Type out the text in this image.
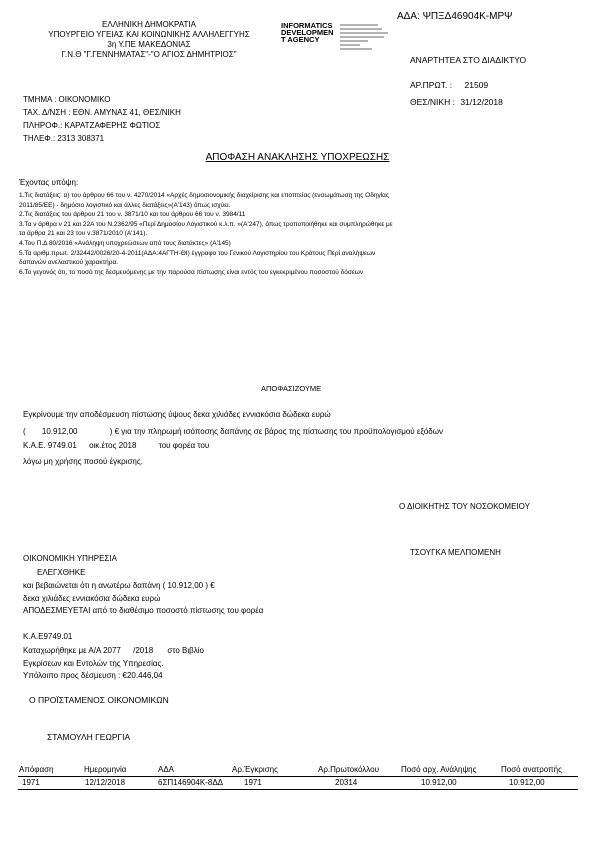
ΑΔΑ: ΨΠΞΔ46904Κ-ΜΡΨ
ΕΛΛΗΝΙΚΗ ΔΗΜΟΚΡΑΤΙΑ
ΥΠΟΥΡΓΕΙΟ ΥΓΕΙΑΣ ΚΑΙ ΚΟΙΝΩΝΙΚΗΣ ΑΛΛΗΛΕΓΓΥΗΣ
3η Υ.ΠΕ ΜΑΚΕΔΟΝΙΑΣ
Γ.Ν.Θ "Γ.ΓΕΝΝΗΜΑΤΑΣ"-"Ο ΑΓΙΟΣ ΔΗΜΗΤΡΙΟΣ"
INFORMATICS
DEVELOPMEN
T AGENCY
ΑΝΑΡΤΗΤΕΑ ΣΤΟ ΔΙΑΔΙΚΤΥΟ
ΑΡ.ΠΡΩΤ. : 21509
ΘΕΣ/ΝΙΚΗ : 31/12/2018
ΤΜΗΜΑ : ΟΙΚΟΝΟΜΙΚΟ
ΤΑΧ. Δ/ΝΣΗ : ΕΘΝ. ΑΜΥΝΑΣ 41, ΘΕΣ/ΝΙΚΗ
ΠΛΗΡΟΦ.: ΚΑΡΑΤΖΑΦΕΡΗΣ ΦΩΤΙΟΣ
ΤΗΛΕΦ.: 2313 308371
ΑΠΟΦΑΣΗ ΑΝΑΚΛΗΣΗΣ ΥΠΟΧΡΕΩΣΗΣ
Έχοντας υπόψη:
1.Τις διατάξεις: α) του άρθρου 66 του ν. 4270/2014 «Αρχές δημοσιονομικής διαχείρισης και εποπτείας (ενσωμάτωση της Οδηγίας
2011/85/ΕΕ) - δημόσιο λογιστικό και άλλες διατάξεις»(Α'143) όπως ισχύει.
2.Τις διατάξεις του άρθρου 21 του ν. 3871/10 και του άρθρου 66 του ν. 3984/11
3.Τα ν άρθρα ν 21 και 22Α του Ν.2362/95 «Περί Δημοσίου Λογιστικού κ.λ.π. »(Α'247), όπως τροποποιήθηκε και συμπληρώθηκε με
τα άρθρα 21 και 23 του ν.3871/2010 (Α'141).
4.Του Π.Δ 80/2016 «Ανάληψη υποχρεώσεων από τους διατάκτες» (Α'145)
5.Τα αριθμ.πρωτ. 2/32442/0026/20-4-2011(ΑΔΑ:4ΑΓΤΗ-ΘΙ) έγγραφο του Γενικού Λογιστηρίου του Κράτους Περί αναλήψεων
δαπανών ανελαστικού χαρακτήρα.
6.Το γεγονός ότι, το ποσό της δεσμευόμενης με την παρούσα πίστωσης είναι εντός του εγκεκριμένου ποσοστού δόσεων
ΑΠΟΦΑΣΙΖΟΥΜΕ
Εγκρίνουμε την αποδέσμευση πίστωσης ύψους δεκα χιλιάδες εννιακόσια δώδεκα ευρώ
( 10.912,00	) € για την πληρωμή ισόποσης δαπάνης σε βάρος της πίστωσης του προϋπολογισμού εξόδων
Κ.Α.Ε. 9749.01 οικ.έτος 2018	του φορέα του
λόγω μη χρήσης ποσού έγκρισης.
Ο ΔΙΟΙΚΗΤΗΣ ΤΟΥ ΝΟΣΟΚΟΜΕΙΟΥ
ΤΣΟΥΓΚΑ ΜΕΛΠΟΜΕΝΗ
ΟΙΚΟΝΟΜΙΚΗ ΥΠΗΡΕΣΙΑ
ΕΛΕΓΧΘΗΚΕ
και βεβαιώνεται ότι η ανωτέρω δαπάνη ( 10.912,00 ) €
δεκα χιλιάδες εννιακόσια δώδεκα ευρώ
ΑΠΟΔΕΣΜΕΥΕΤΑΙ από το διαθέσιμο ποσοστό πίστωσης του φορέα
Κ.Α.Ε9749.01
Καταχωρήθηκε με Α/Α 2077 /2018 στο Βιβλίο
Εγκρίσεων και Εντολών της Υπηρεσίας.
Υπόλοιπο προς δέσμευση : €20.446,04
Ο ΠΡΟΪΣΤΑΜΕΝΟΣ ΟΙΚΟΝΟΜΙΚΩΝ
ΣΤΑΜΟΥΛΗ ΓΕΩΡΓΙΑ
Απόφαση	Ημερομηνία	ΑΔΑ	Αρ.Έγκρισης	Αρ.Πρωτοκόλλου	Ποσό αρχ. Ανάληψης	Ποσό ανατροπής
1971	12/12/2018	6ΣΠ146904Κ-8ΔΔ	1971	20314	10.912,00	10.912,00
